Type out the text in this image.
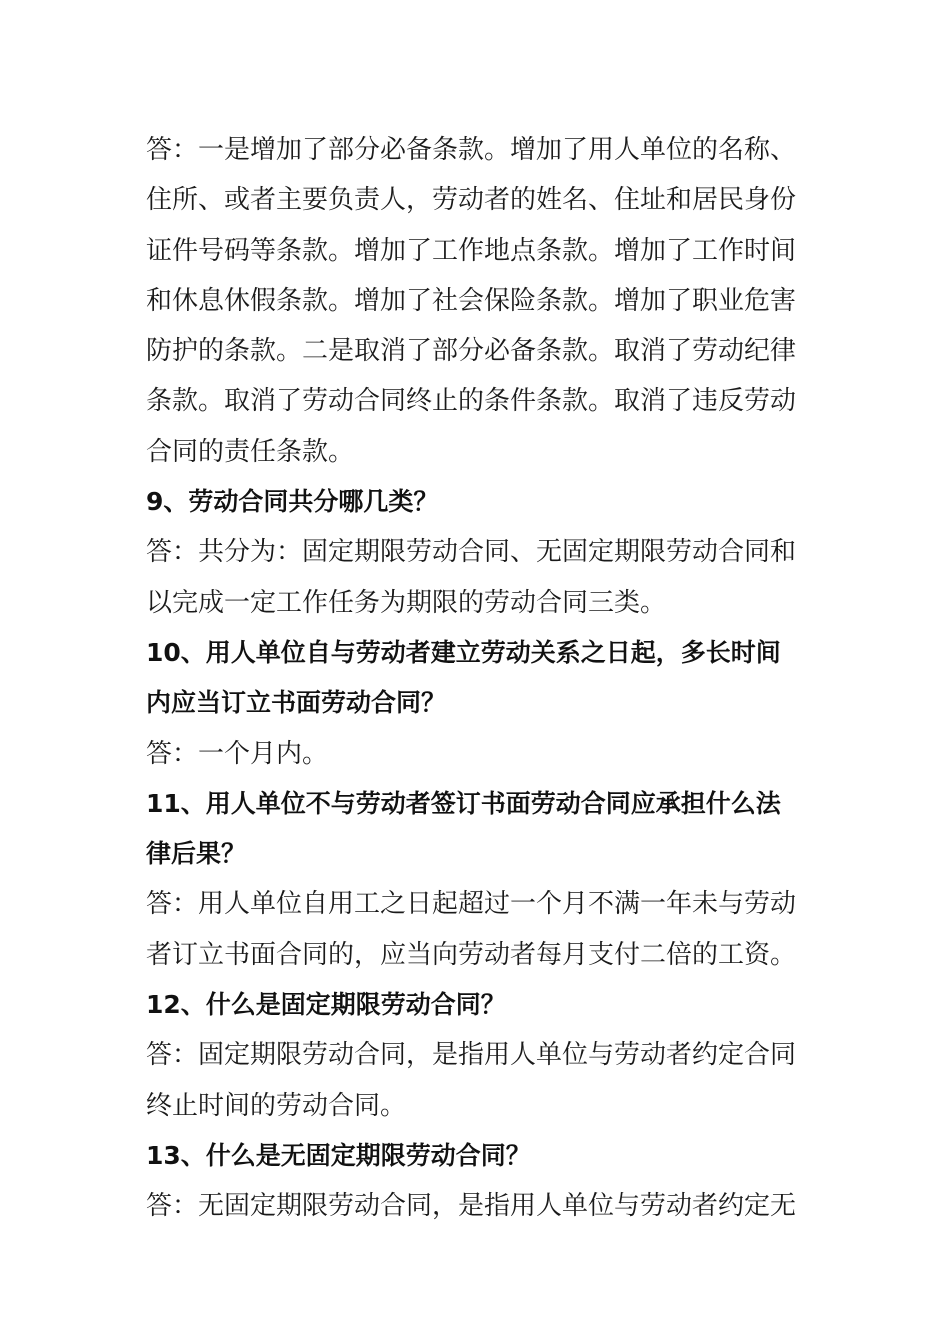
答：一是增加了部分必备条款。增加了用人单位的名称、
住所、或者主要负责人，劳动者的姓名、住址和居民身份
证件号码等条款。增加了工作地点条款。增加了工作时间
和休息休假条款。增加了社会保险条款。增加了职业危害
防护的条款。二是取消了部分必备条款。取消了劳动纪律
条款。取消了劳动合同终止的条件条款。取消了违反劳动
合同的责任条款。
9、劳动合同共分哪几类？
答：共分为：固定期限劳动合同、无固定期限劳动合同和
以完成一定工作任务为期限的劳动合同三类。
10、用人单位自与劳动者建立劳动关系之日起，多长时间
内应当订立书面劳动合同？
答：一个月内。
11、用人单位不与劳动者签订书面劳动合同应承担什么法
律后果？
答：用人单位自用工之日起超过一个月不满一年未与劳动
者订立书面合同的，应当向劳动者每月支付二倍的工资。
12、什么是固定期限劳动合同？
答：固定期限劳动合同，是指用人单位与劳动者约定合同
终止时间的劳动合同。
13、什么是无固定期限劳动合同？
答：无固定期限劳动合同，是指用人单位与劳动者约定无
